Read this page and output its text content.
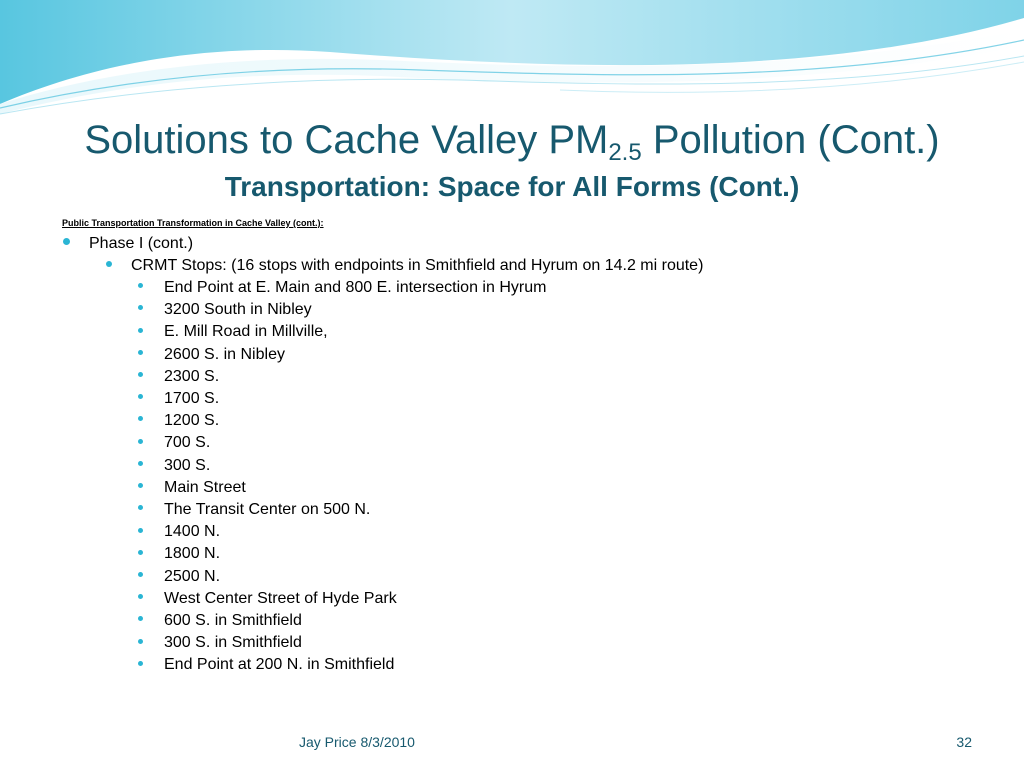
Solutions to Cache Valley $PM_{2.5}$ Pollution (Cont.)
Transportation: Space for All Forms (Cont.)
Public Transportation Transformation in Cache Valley (cont.):
Phase I (cont.)
CRMT Stops: (16 stops with endpoints in Smithfield and Hyrum on 14.2 mi route)
End Point at E. Main and 800 E. intersection in Hyrum
3200 South in Nibley
E. Mill Road in Millville,
2600 S. in Nibley
2300 S.
1700 S.
1200 S.
700 S.
300 S.
Main Street
The Transit Center on 500 N.
1400 N.
1800 N.
2500 N.
West Center Street of Hyde Park
600 S. in Smithfield
300 S. in Smithfield
End Point at 200 N. in Smithfield
Jay Price 8/3/2010	32
